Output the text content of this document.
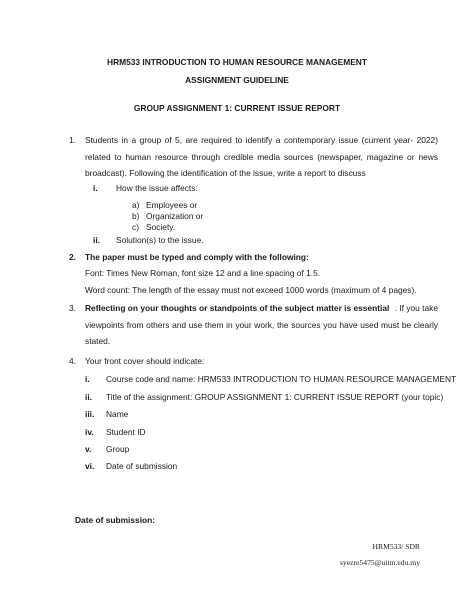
HRM533 INTRODUCTION TO HUMAN RESOURCE MANAGEMENT
ASSIGNMENT GUIDELINE
GROUP ASSIGNMENT 1: CURRENT ISSUE REPORT
1. Students in a group of 5, are required to identify a contemporary issue (current year- 2022)
related to human resource through credible media sources (newspaper, magazine or news
broadcast). Following the identification of the issue, write a report to discuss
i. How the issue affects:
a) Employees or
b) Organization or
c) Society.
ii. Solution(s) to the issue.
2. The paper must be typed and comply with the following:
Font: Times New Roman, font size 12 and a line spacing of 1.5.
Word count: The length of the essay must not exceed 1000 words (maximum of 4 pages).
3. Reflecting on your thoughts or standpoints of the subject matter is essential . If you take
viewpoints from others and use them in your work, the sources you have used must be clearly
stated.
4. Your front cover should indicate:
i. Course code and name: HRM533 INTRODUCTION TO HUMAN RESOURCE MANAGEMENT
ii. Title of the assignment: GROUP ASSIGNMENT 1: CURRENT ISSUE REPORT (your topic)
iii. Name
iv. Student ID
v. Group
vi. Date of submission
Date of submission:
HRM533/ SDR
syezre5475@uitm.edu.my
